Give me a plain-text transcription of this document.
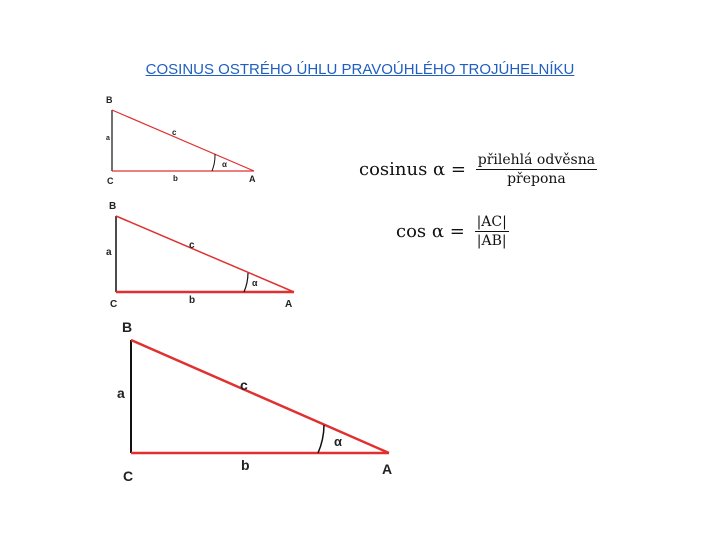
COSINUS OSTRÉHO ÚHLU PRAVOÚHLÉHO TROJÚHELNÍKU
B
a
C	b
c
α
A
B
a
C	b
c
α
A
B
a
C
b
c
α
A
cosinus $\alpha = \frac{\text{přilehlá odvěsna}}{\text{přepona}}$
$\cos \alpha = \frac{|AC|}{|AB|}$
